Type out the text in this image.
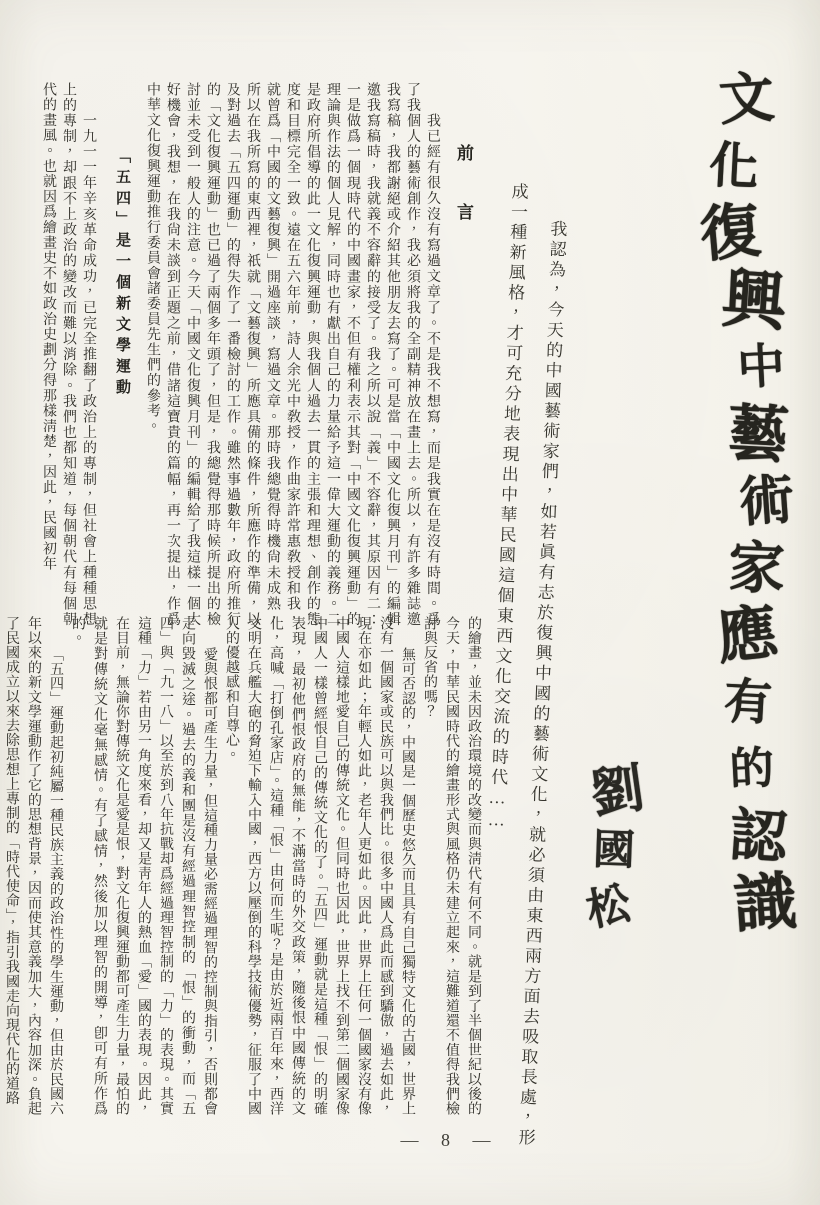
文化復興中藝術家應有的認識
我認為，今天的中國藝術家們，如若眞有志於復興中國的藝術文化，就必須由東西兩方面去吸取長處，形成一種新風格，才可充分地表現出中華民國這個東西文化交流的時代……	劉國松
前言

我已經有很久沒有寫過文章了。不是我不想寫，而是我實在是沒有時間。爲了我個人的藝術創作，我必須將我的全副精神放在畫上去。所以，有許多雜誌邀我寫稿，我都謝絕或介紹其他朋友去寫了。可是當「中國文化復興月刊」的編輯邀我寫稿時，我就義不容辭的接受了。我之所以說「義」不容辭，其原因有二：一是做爲一個現時代的中國畫家，不但有權利表示其對「中國文化復興運動」的理論與作法的個人見解，同時也有獻出自己的力量給予這一偉大運動的義務。二是政府所倡導的此一文化復興運動，與我個人過去一貫的主張和理想、創作的態度和目標完全一致。遠在五六年前，詩人余光中敎授，作曲家許常惠敎授和我，就曾爲「中國的文藝復興」開過座談，寫過文章。那時我總覺得時機尙未成熟，所以在我所寫的東西裡，祇就「文藝復興」所應具備的條件，所應作的準備，以及對過去「五四運動」的得失作了一番檢討的工作。雖然事過數年，政府所推行的「文化復興運動」也已過了兩個多年頭了，但是，我總覺得那時候所提出的檢討並未受到一般人的注意。今天「中國文化復興月刊」的編輯給了我這樣一個大好機會，我想，在我尙未談到正題之前，借諸這寶貴的篇幅，再一次提出，作爲中華文化復興運動推行委員會諸委員先生們的參考。

「五四」是一個新文學運動

一九一一年辛亥革命成功，已完全推翻了政治上的專制，但社會上種種思想上的專制，却跟不上政治的變改而難以消除。我們也都知道，每個朝代有每個朝代的畫風。也就因爲繪畫史不如政治史劃分得那樣淸楚，因此，民國初年

的繪畫，並未因政治環境的改變而與淸代有何不同。就是到了半個世紀以後的今天，中華民國時代的繪畫形式與風格仍未建立起來，這難道還不值得我們檢討與反省的嗎？

無可否認的，中國是一個歷史悠久而且具有自己獨特文化的古國，世界上沒有一個國家或民族可以與我們比。很多中國人爲此而感到驕傲，過去如此，現在亦如此；年輕人如此，老年人更如此。因此，世界上任何一個國家沒有像中國人這樣地愛自己的傳統文化。但同時也因此，世界上找不到第二個國家像中國人一樣曾經恨自己的傳統文化的了。「五四」運動就是這種「恨」的明確表現，最初他們恨政府的無能，不滿當時的外交政策，隨後恨中國傳統的文化，高喊「打倒孔家店」。這種「恨」由何而生呢？是由於近兩百年來，西洋文明在兵艦大砲的脅迫下輸入中國，西方以壓倒的科學技術優勢，征服了中國人的優越感和自尊心。

愛與恨都可產生力量，但這種力量必需經過理智的控制與指引，否則都會走向毀滅之途。過去的義和團是沒有經過理智控制的「恨」的衝動，而「五四」與「九一八」以至於到八年抗戰却爲經過理智控制的「力」的表現。其實這種「力」若由另一角度來看，却又是靑年人的熱血「愛」國的表現。因此，在目前，無論你對傳統文化是愛是恨，對文化復興運動都可產生力量，最怕的就是對傳統文化毫無感情。有了感情，然後加以理智的開導，卽可有所作爲的。

「五四」運動起初純屬一種民族主義的政治性的學生運動，但由於民國六年以來的新文學運動作了它的思想背景，因而使其意義加大，內容加深。負起了民國成立以來去除思想上專制的「時代使命」，指引我國走向現代化的道路

— 8 —
